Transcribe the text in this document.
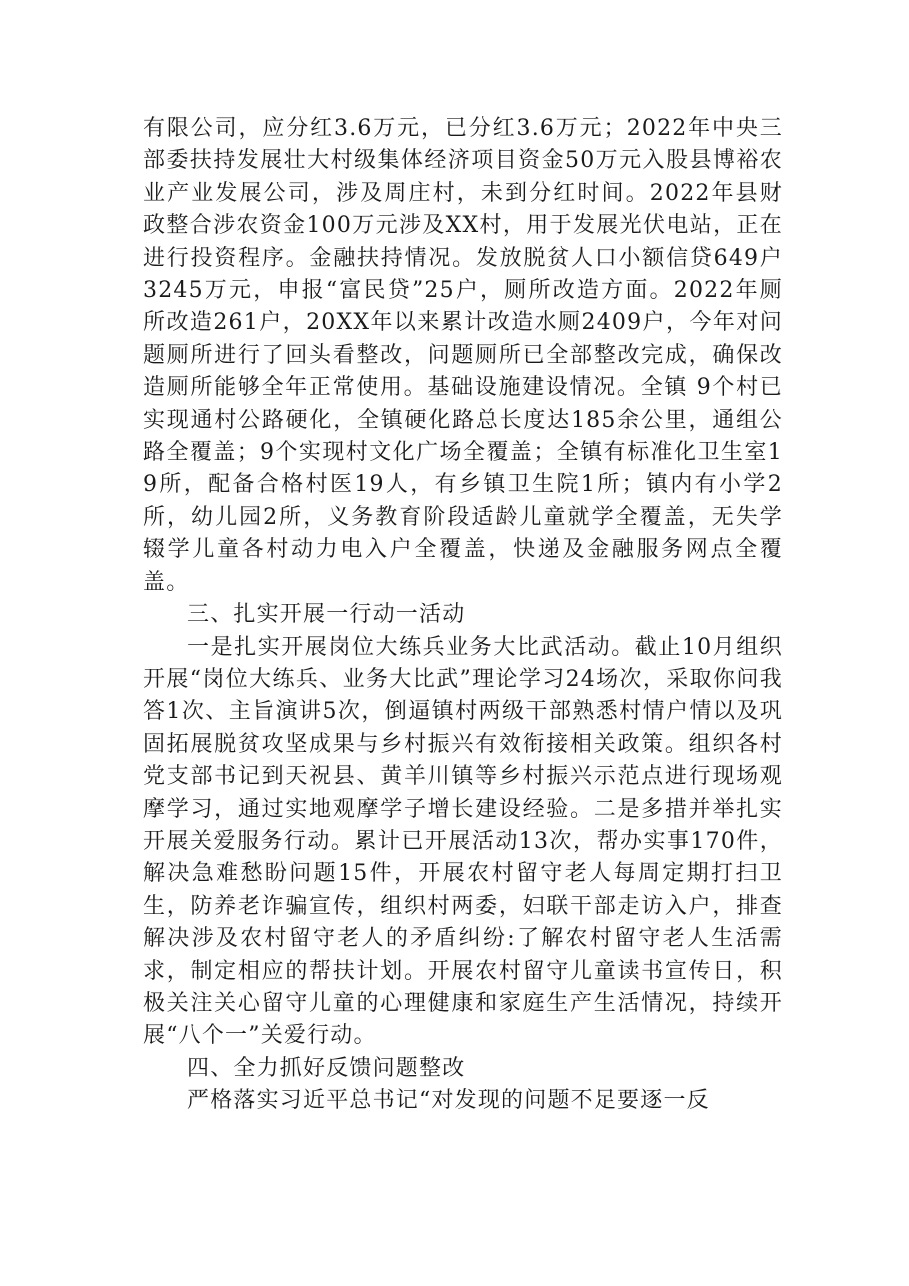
有限公司，应分红3.6万元，已分红3.6万元；2022年中央三部委扶持发展壮大村级集体经济项目资金50万元入股县博裕农业产业发展公司，涉及周庄村，未到分红时间。2022年县财政整合涉农资金100万元涉及XX村，用于发展光伏电站，正在进行投资程序。金融扶持情况。发放脱贫人口小额信贷649户3245万元，申报“富民贷”25户，厕所改造方面。2022年厕所改造261户，20XX年以来累计改造水厕2409户，今年对问题厕所进行了回头看整改，问题厕所已全部整改完成，确保改造厕所能够全年正常使用。基础设施建设情况。全镇 9个村已实现通村公路硬化，全镇硬化路总长度达185余公里，通组公路全覆盖；9个实现村文化广场全覆盖；全镇有标准化卫生室19所，配备合格村医19人，有乡镇卫生院1所；镇内有小学2所，幼儿园2所，义务教育阶段适龄儿童就学全覆盖，无失学辍学儿童各村动力电入户全覆盖，快递及金融服务网点全覆盖。

三、扎实开展一行动一活动

一是扎实开展岗位大练兵业务大比武活动。截止10月组织开展“岗位大练兵、业务大比武”理论学习24场次，采取你问我答1次、主旨演讲5次，倒逼镇村两级干部熟悉村情户情以及巩固拓展脱贫攻坚成果与乡村振兴有效衔接相关政策。组织各村党支部书记到天祝县、黄羊川镇等乡村振兴示范点进行现场观摩学习，通过实地观摩学子增长建设经验。二是多措并举扎实开展关爱服务行动。累计已开展活动13次，帮办实事170件，解决急难愁盼问题15件，开展农村留守老人每周定期打扫卫生，防养老诈骗宣传，组织村两委，妇联干部走访入户，排查解决涉及农村留守老人的矛盾纠纷:了解农村留守老人生活需求，制定相应的帮扶计划。开展农村留守儿童读书宣传日，积极关注关心留守儿童的心理健康和家庭生产生活情况，持续开展“八个一”关爱行动。

四、全力抓好反馈问题整改

严格落实习近平总书记“对发现的问题不足要逐一反
